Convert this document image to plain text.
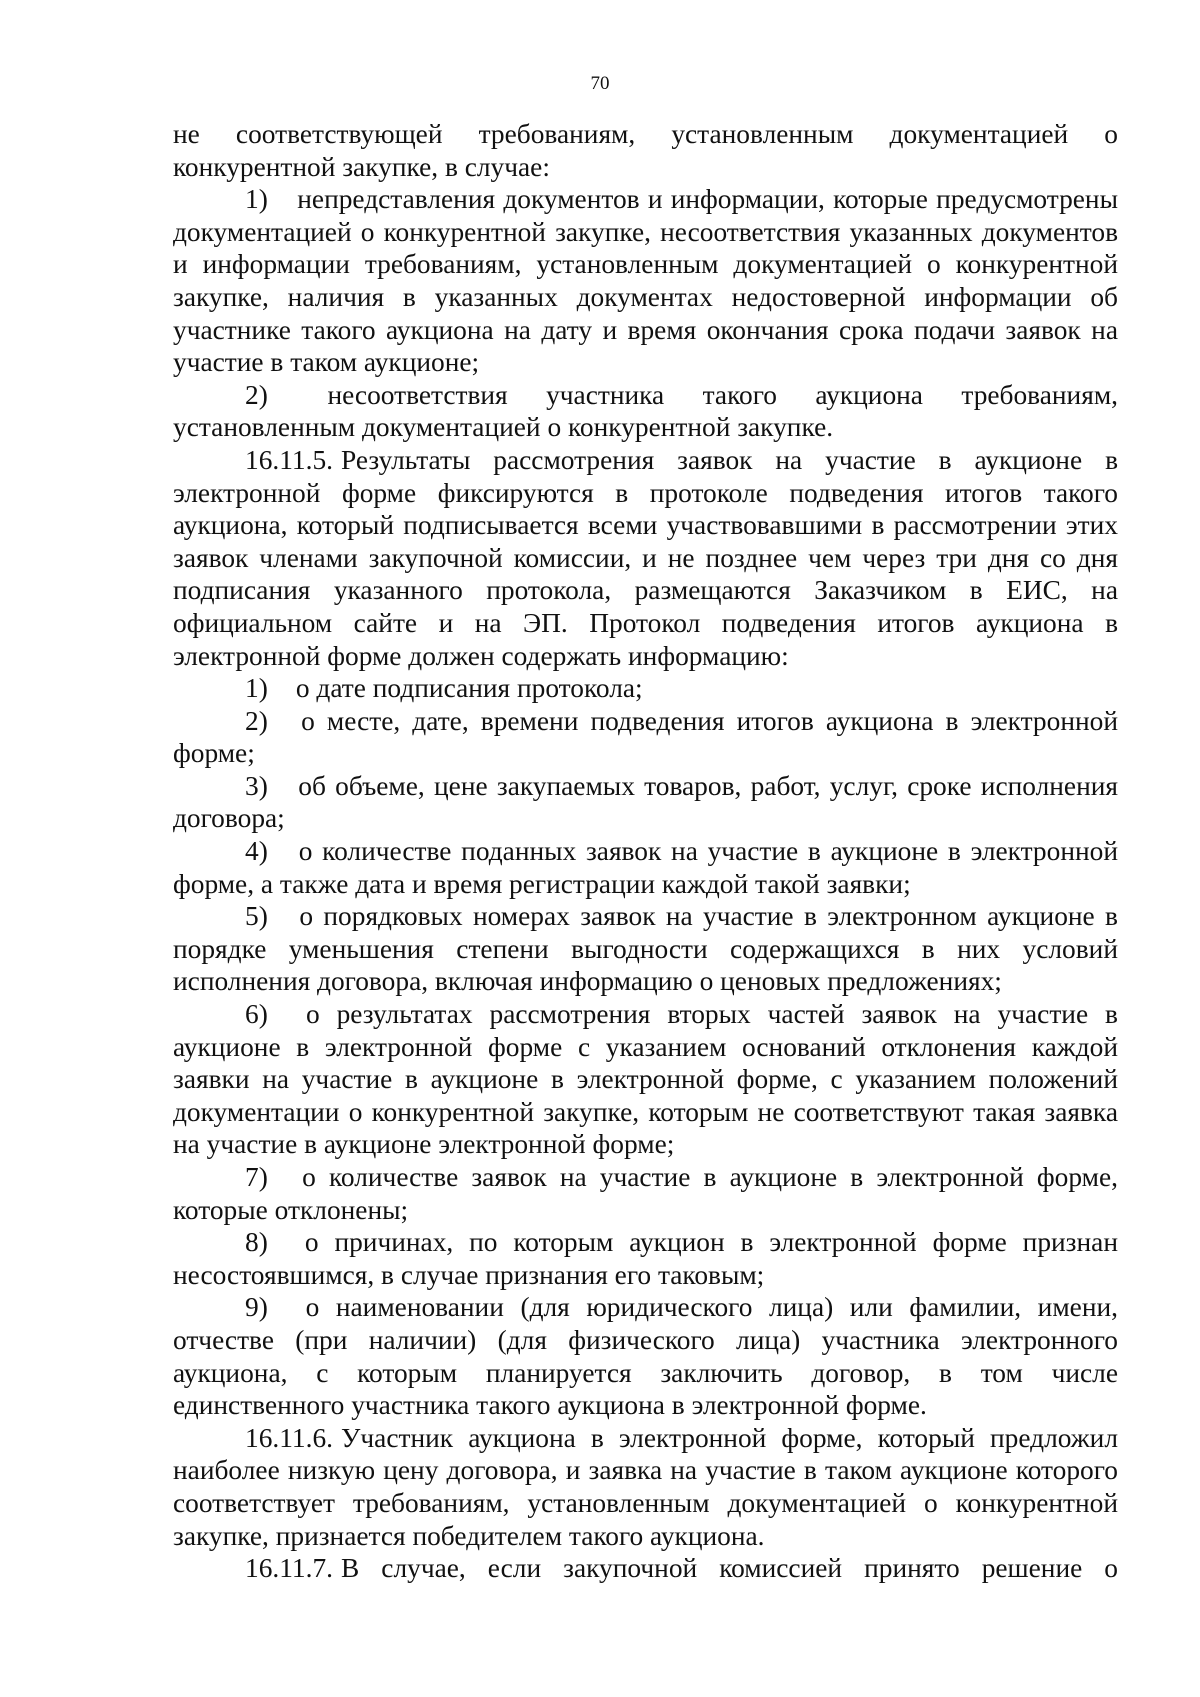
70

не соответствующей требованиям, установленным документацией о конкурентной закупке, в случае:

1) непредставления документов и информации, которые предусмотрены документацией о конкурентной закупке, несоответствия указанных документов и информации требованиям, установленным документацией о конкурентной закупке, наличия в указанных документах недостоверной информации об участнике такого аукциона на дату и время окончания срока подачи заявок на участие в таком аукционе;

2) несоответствия участника такого аукциона требованиям, установленным документацией о конкурентной закупке.

16.11.5. Результаты рассмотрения заявок на участие в аукционе в электронной форме фиксируются в протоколе подведения итогов такого аукциона, который подписывается всеми участвовавшими в рассмотрении этих заявок членами закупочной комиссии, и не позднее чем через три дня со дня подписания указанного протокола, размещаются Заказчиком в ЕИС, на официальном сайте и на ЭП. Протокол подведения итогов аукциона в электронной форме должен содержать информацию:

1) о дате подписания протокола;

2) о месте, дате, времени подведения итогов аукциона в электронной форме;

3) об объеме, цене закупаемых товаров, работ, услуг, сроке исполнения договора;

4) о количестве поданных заявок на участие в аукционе в электронной форме, а также дата и время регистрации каждой такой заявки;

5) о порядковых номерах заявок на участие в электронном аукционе в порядке уменьшения степени выгодности содержащихся в них условий исполнения договора, включая информацию о ценовых предложениях;

6) о результатах рассмотрения вторых частей заявок на участие в аукционе в электронной форме с указанием оснований отклонения каждой заявки на участие в аукционе в электронной форме, с указанием положений документации о конкурентной закупке, которым не соответствуют такая заявка на участие в аукционе электронной форме;

7) о количестве заявок на участие в аукционе в электронной форме, которые отклонены;

8) о причинах, по которым аукцион в электронной форме признан несостоявшимся, в случае признания его таковым;

9) о наименовании (для юридического лица) или фамилии, имени, отчестве (при наличии) (для физического лица) участника электронного аукциона, с которым планируется заключить договор, в том числе единственного участника такого аукциона в электронной форме.

16.11.6. Участник аукциона в электронной форме, который предложил наиболее низкую цену договора, и заявка на участие в таком аукционе которого соответствует требованиям, установленным документацией о конкурентной закупке, признается победителем такого аукциона.

16.11.7. В случае, если закупочной комиссией принято решение о
